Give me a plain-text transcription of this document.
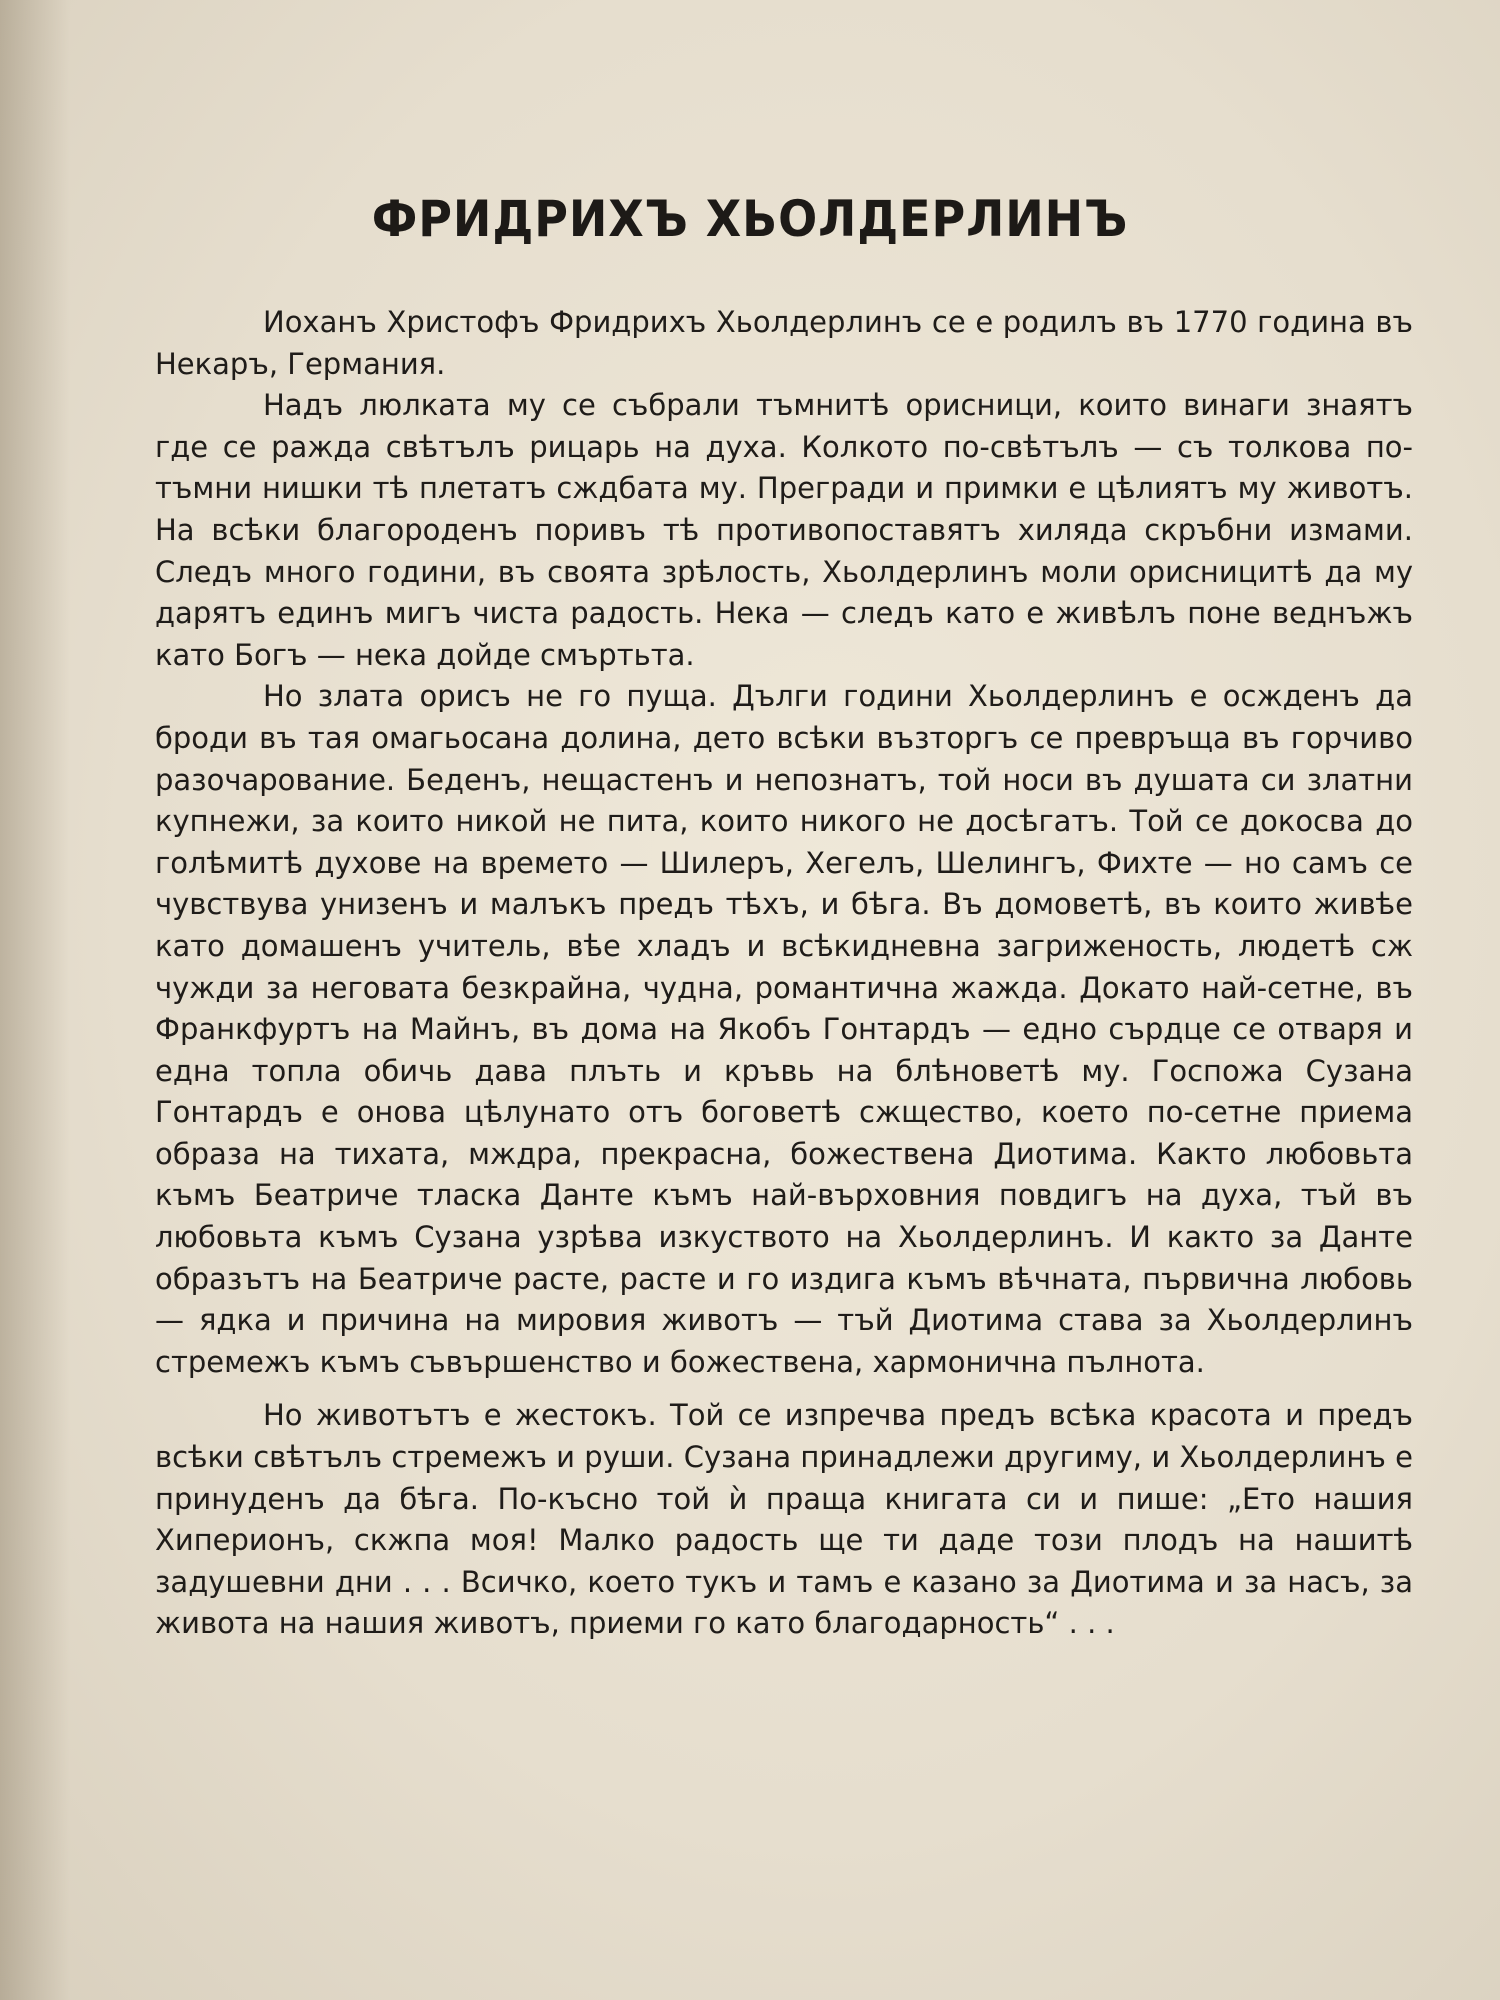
ФРИДРИХЪ ХЬОЛДЕРЛИНЪ

Иоханъ Христофъ Фридрихъ Хьолдерлинъ се е родилъ въ 1770 година въ Некаръ, Германия.

Надъ люлката му се събрали тъмнитѣ орисници, които винаги знаятъ где се ражда свѣтълъ рицарь на духа. Колкото по-свѣтълъ — съ толкова по-тъмни нишки тѣ плетатъ сждбата му. Прегради и примки е цѣлиятъ му животъ. На всѣки благороденъ поривъ тѣ противопоставятъ хиляда скръбни измами. Следъ много години, въ своята зрѣлость, Хьолдерлинъ моли орисницитѣ да му дарятъ единъ мигъ чиста радость. Нека — следъ като е живѣлъ поне веднъжъ като Богъ — нека дойде смъртьта.

Но злата орисъ не го пуща. Дълги години Хьолдерлинъ е осжденъ да броди въ тая омагьосана долина, дето всѣки възторгъ се превръща въ горчиво разочарование. Беденъ, нещастенъ и непознатъ, той носи въ душата си златни купнежи, за които никой не пита, които никого не досѣгатъ. Той се докосва до голѣмитѣ духове на времето — Шилеръ, Хегелъ, Шелингъ, Фихте — но самъ се чувствува унизенъ и малъкъ предъ тѣхъ, и бѣга. Въ домоветѣ, въ които живѣе като домашенъ учитель, вѣе хладъ и всѣкидневна загриженость, людетѣ сж чужди за неговата безкрайна, чудна, романтична жажда. Докато най-сетне, въ Франкфуртъ на Майнъ, въ дома на Якобъ Гонтардъ — едно сърдце се отваря и една топла обичь дава плъть и кръвь на блѣноветѣ му. Госпожа Сузана Гонтардъ е онова цѣлунато отъ боговетѣ сжщество, което по-сетне приема образа на тихата, мждра, прекрасна, божествена Диотима. Както любовьта къмъ Беатриче тласка Данте къмъ най-върховния повдигъ на духа, тъй въ любовьта къмъ Сузана узрѣва изкуството на Хьолдерлинъ. И както за Данте образътъ на Беатриче расте, расте и го издига къмъ вѣчната, първична любовь — ядка и причина на мировия животъ — тъй Диотима става за Хьолдерлинъ стремежъ къмъ съвършенство и божествена, хармонична пълнота.

Но животътъ е жестокъ. Той се изпречва предъ всѣка красота и предъ всѣки свѣтълъ стремежъ и руши. Сузана принадлежи другиму, и Хьолдерлинъ е принуденъ да бѣга. По-късно той ѝ праща книгата си и пише: „Ето нашия Хиперионъ, скжпа моя! Малко радость ще ти даде този плодъ на нашитѣ задушевни дни . . . Всичко, което тукъ и тамъ е казано за Диотима и за насъ, за живота на нашия животъ, приеми го като благодарность“ . . .
